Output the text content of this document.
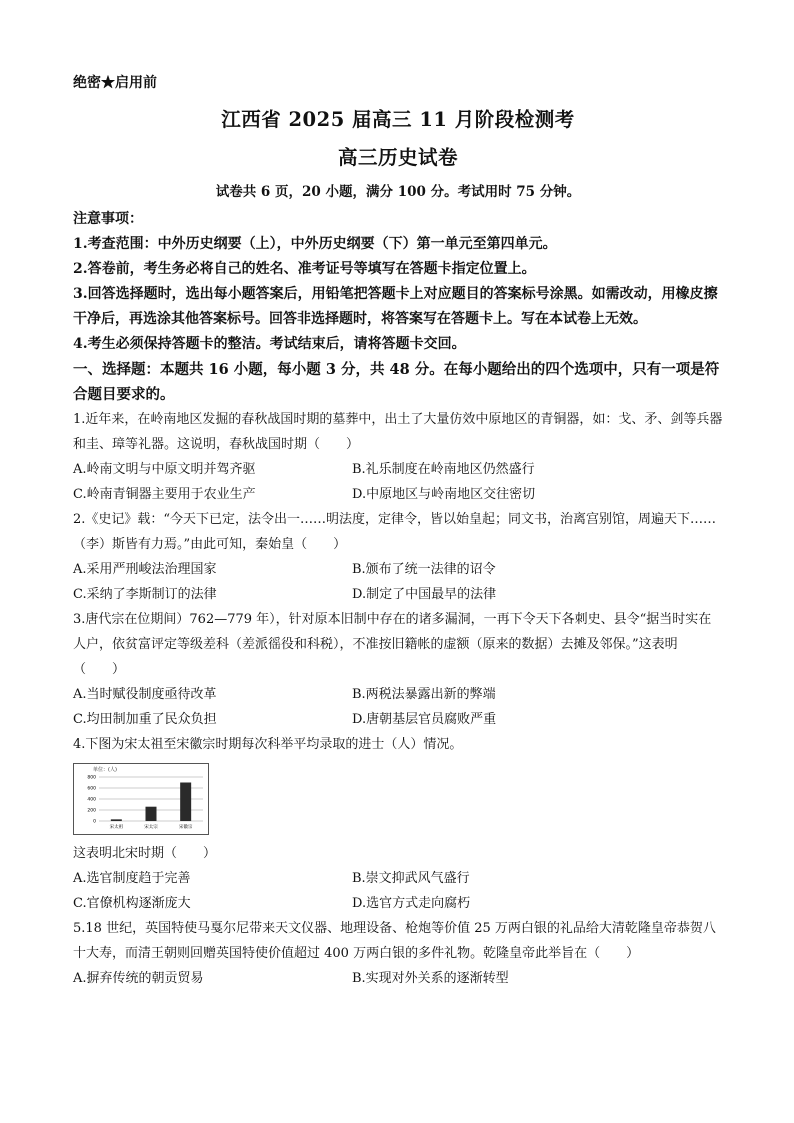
绝密★启用前
江西省 2025 届高三 11 月阶段检测考
高三历史试卷
试卷共 6 页，20 小题，满分 100 分。考试用时 75 分钟。
注意事项：
1.考查范围：中外历史纲要（上），中外历史纲要（下）第一单元至第四单元。
2.答卷前，考生务必将自己的姓名、准考证号等填写在答题卡指定位置上。
3.回答选择题时，选出每小题答案后，用铅笔把答题卡上对应题目的答案标号涂黑。如需改动，用橡皮擦干净后，再选涂其他答案标号。回答非选择题时，将答案写在答题卡上。写在本试卷上无效。
4.考生必须保持答题卡的整洁。考试结束后，请将答题卡交回。
一、选择题：本题共 16 小题，每小题 3 分，共 48 分。在每小题给出的四个选项中，只有一项是符合题目要求的。
1.近年来，在岭南地区发掘的春秋战国时期的墓葬中，出土了大量仿效中原地区的青铜器，如：戈、矛、剑等兵器和圭、璋等礼器。这说明，春秋战国时期（　　）
A.岭南文明与中原文明并驾齐驱	B.礼乐制度在岭南地区仍然盛行
C.岭南青铜器主要用于农业生产	D.中原地区与岭南地区交往密切
2.《史记》载：“今天下已定，法令出一……明法度，定律令，皆以始皇起；同文书，治离宫别馆，周遍天下……（李）斯皆有力焉。”由此可知，秦始皇（　　）
A.采用严刑峻法治理国家	B.颁布了统一法律的诏令
C.采纳了李斯制订的法律	D.制定了中国最早的法律
3.唐代宗在位期间）762—779 年），针对原本旧制中存在的诸多漏洞，一再下令天下各刺史、县令“据当时实在人户，依贫富评定等级差科（差派徭役和科税），不准按旧籍帐的虚额（原来的数据）去摊及邻保。”这表明（　　）
A.当时赋役制度亟待改革	B.两税法暴露出新的弊端
C.均田制加重了民众负担	D.唐朝基层官员腐败严重
4.下图为宋太祖至宋徽宗时期每次科举平均录取的进士（人）情况。
单位：(人)
0
200
400
600
800
宋太祖	宋太宗	宋徽宗
这表明北宋时期（　　）
A.选官制度趋于完善	B.崇文抑武风气盛行
C.官僚机构逐渐庞大	D.选官方式走向腐朽
5.18 世纪，英国特使马戛尔尼带来天文仪器、地理设备、枪炮等价值 25 万两白银的礼品给大清乾隆皇帝恭贺八十大寿，而清王朝则回赠英国特使价值超过 400 万两白银的多件礼物。乾隆皇帝此举旨在（　　）
A.摒弃传统的朝贡贸易	B.实现对外关系的逐渐转型
